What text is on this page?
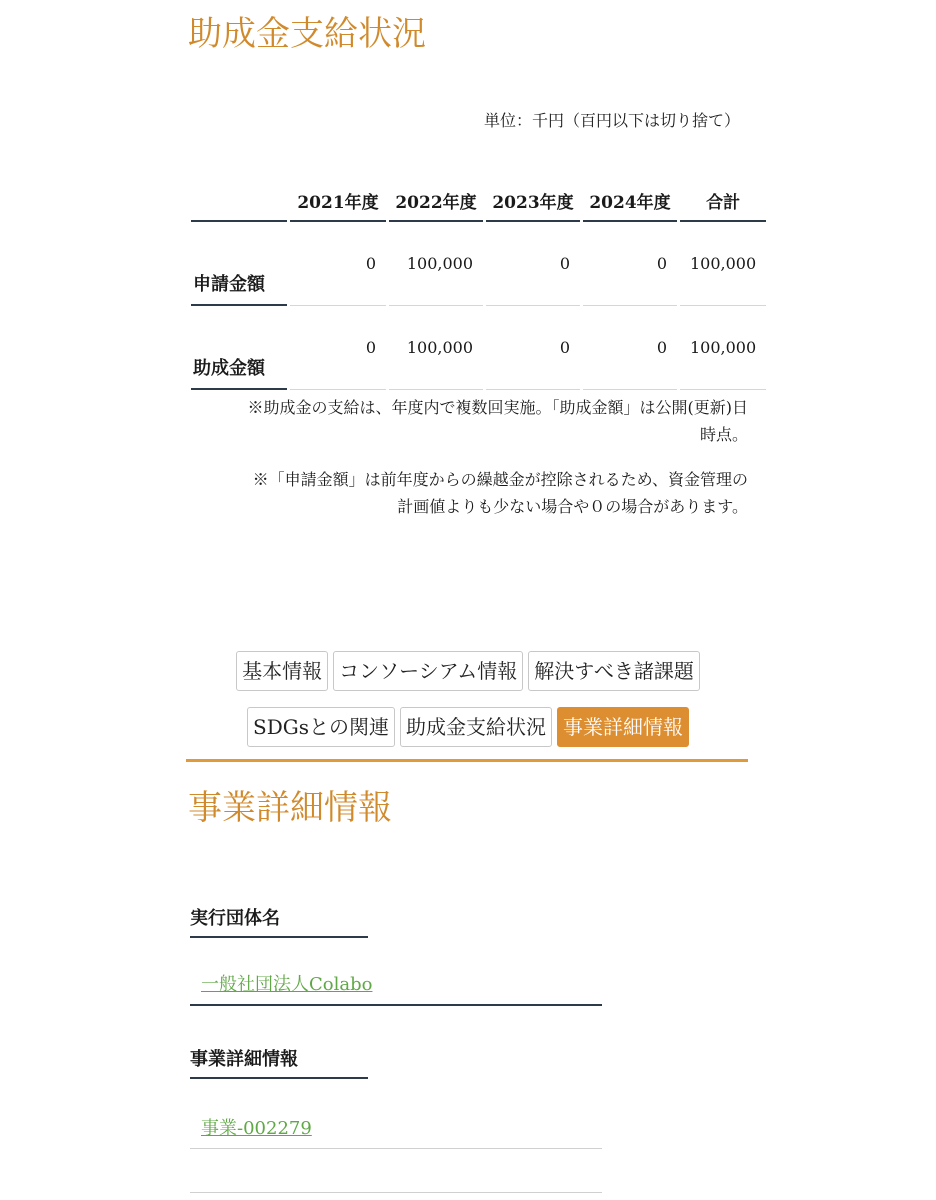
助成金支給状況
単位：千円（百円以下は切り捨て）
	2021年度	2022年度	2023年度	2024年度	合計
申請金額	0	100,000	0	0	100,000
助成金額	0	100,000	0	0	100,000
※助成金の支給は、年度内で複数回実施。「助成金額」は公開(更新)日
時点。
※「申請金額」は前年度からの繰越金が控除されるため、資金管理の
計画値よりも少ない場合や０の場合があります。
基本情報 コンソーシアム情報 解決すべき諸課題
SDGsとの関連 助成金支給状況 事業詳細情報
事業詳細情報
実行団体名
一般社団法人Colabo
事業詳細情報
事業-002279
